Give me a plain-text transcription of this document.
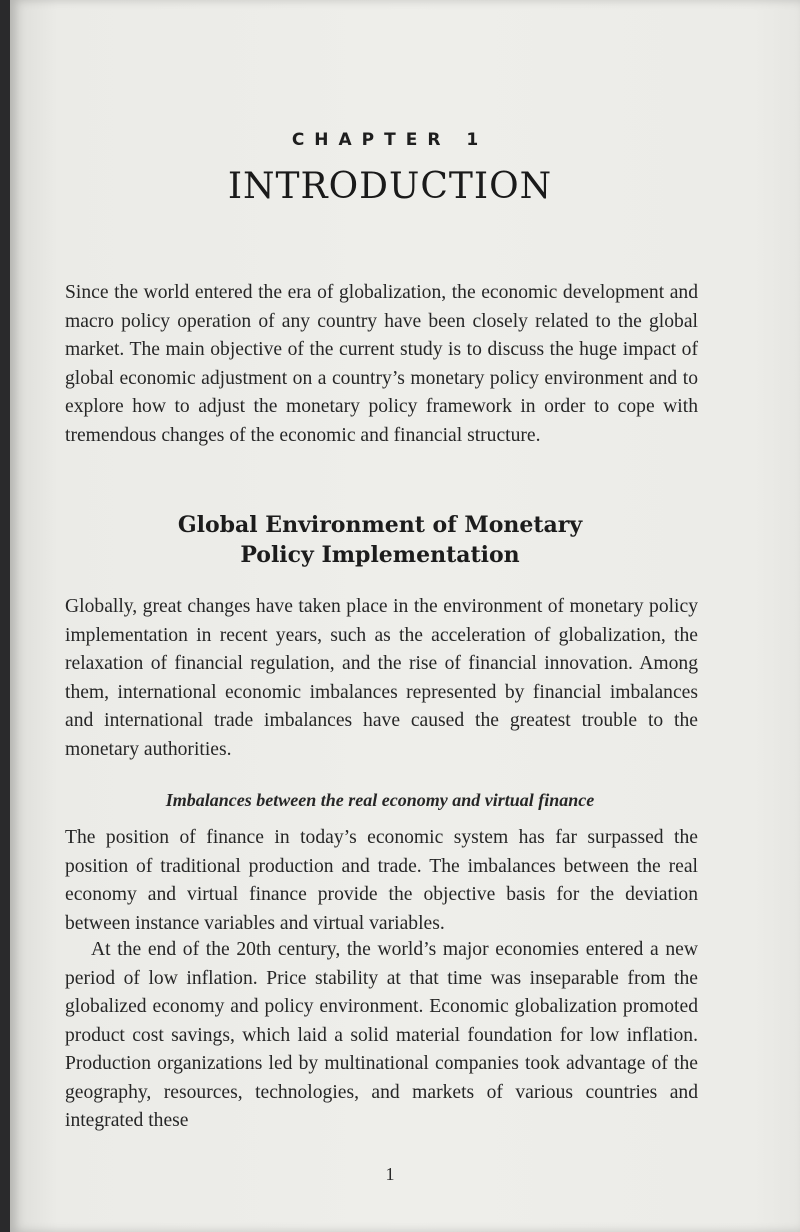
CHAPTER 1
INTRODUCTION

Since the world entered the era of globalization, the economic development and macro policy operation of any country have been closely related to the global market. The main objective of the current study is to discuss the huge impact of global economic adjustment on a country’s monetary policy environment and to explore how to adjust the monetary policy framework in order to cope with tremendous changes of the economic and financial structure.

Global Environment of Monetary
Policy Implementation

Globally, great changes have taken place in the environment of monetary policy implementation in recent years, such as the acceleration of globalization, the relaxation of financial regulation, and the rise of financial innovation. Among them, international economic imbalances represented by financial imbalances and international trade imbalances have caused the greatest trouble to the monetary authorities.

Imbalances between the real economy and virtual finance

The position of finance in today’s economic system has far surpassed the position of traditional production and trade. The imbalances between the real economy and virtual finance provide the objective basis for the deviation between instance variables and virtual variables.

At the end of the 20th century, the world’s major economies entered a new period of low inflation. Price stability at that time was inseparable from the globalized economy and policy environment. Economic globalization promoted product cost savings, which laid a solid material foundation for low inflation. Production organizations led by multinational companies took advantage of the geography, resources, technologies, and markets of various countries and integrated these

1
